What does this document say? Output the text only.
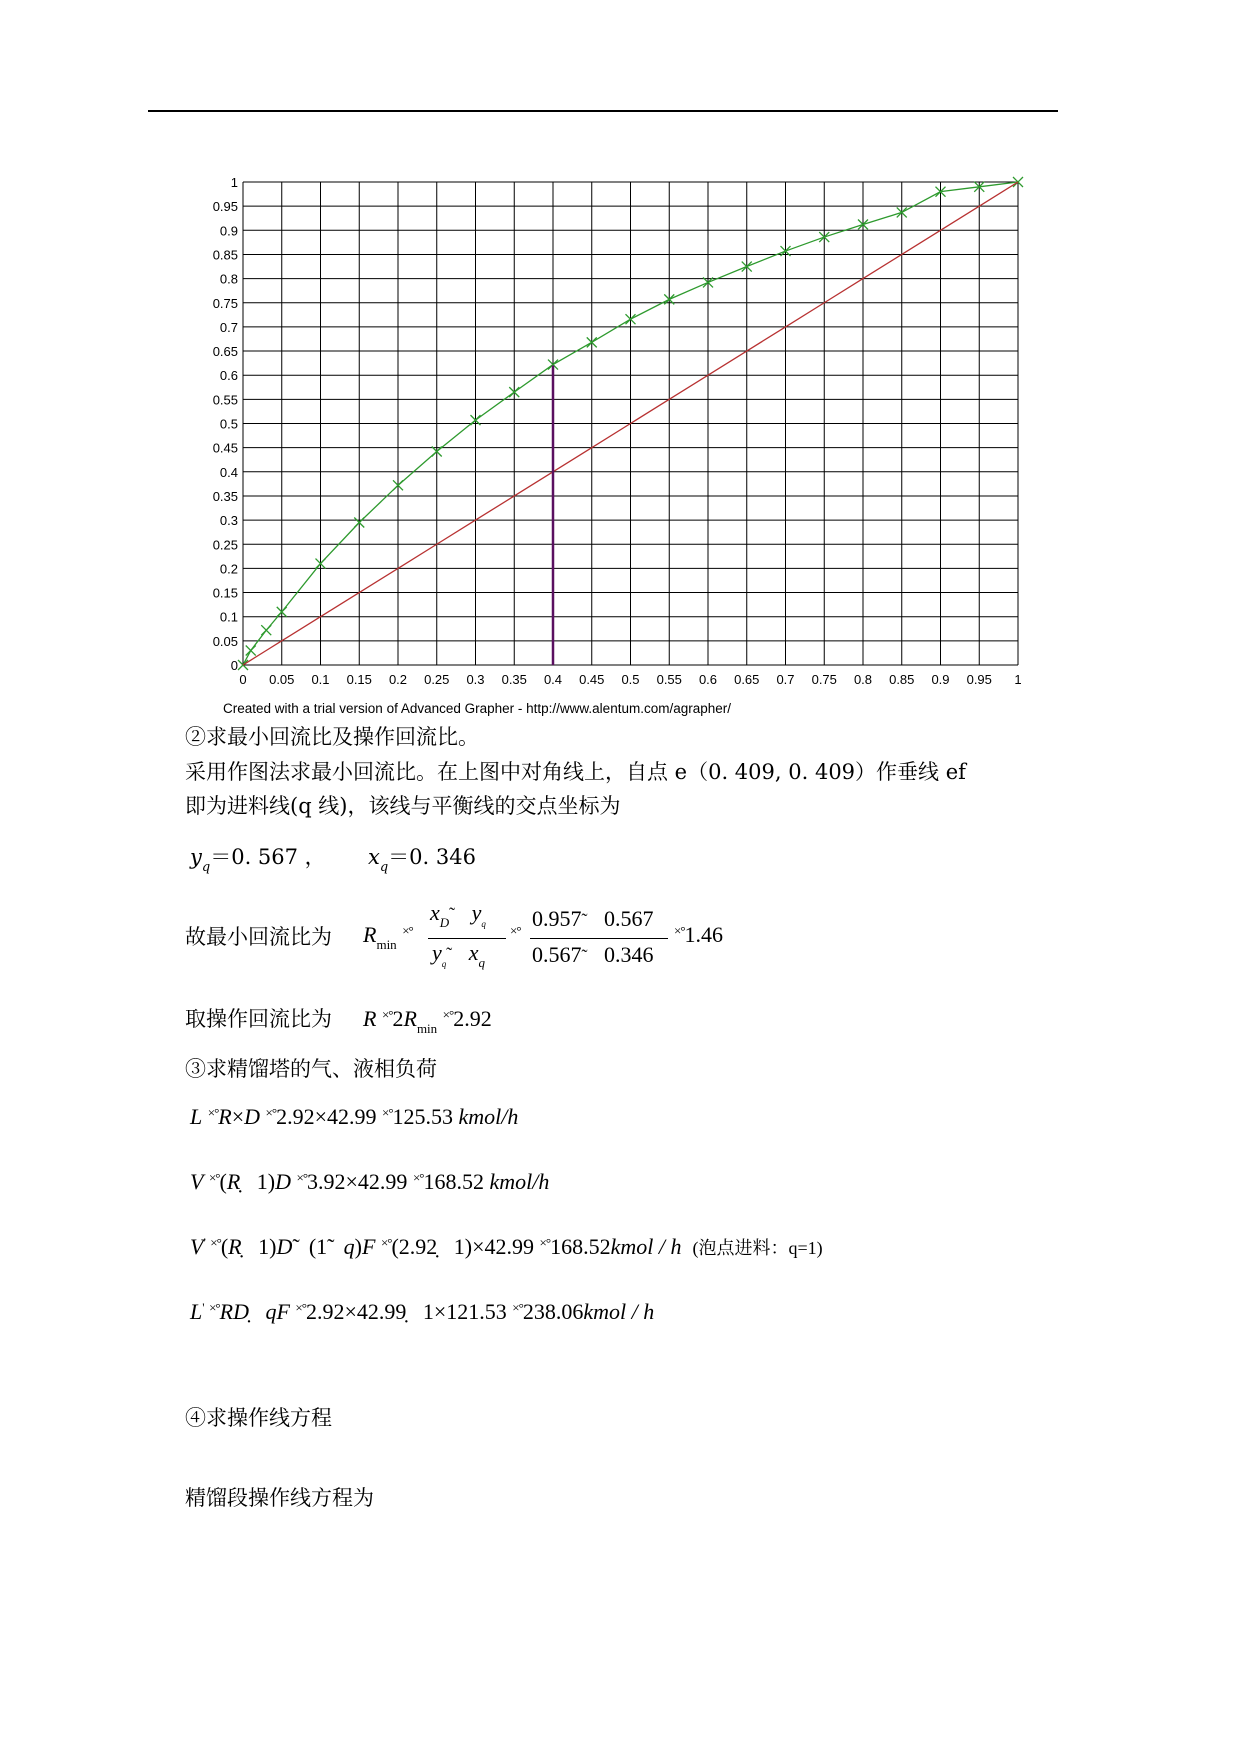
0 0.05 0.1 0.15 0.2 0.25 0.3 0.35 0.4 0.45 0.5 0.55 0.6 0.65 0.7 0.75 0.8 0.85 0.9 0.95 1
0
0.05
0.1
0.15
0.2
0.25
0.3
0.35
0.4
0.45
0.5
0.55
0.6
0.65
0.7
0.75
0.8
0.85
0.9
0.95
1
Created with a trial version of Advanced Grapher - http://www.alentum.com/agrapher/
②求最小回流比及操作回流比。
采用作图法求最小回流比。在上图中对角线上，自点 e（0. 409, 0. 409）作垂线 ef
即为进料线(q 线)，该线与平衡线的交点坐标为
$y_q=0$. 567 ， $x_q=0$. 346
故最小回流比为 $R_{min}$ ×°
$x_D˜$ $y_q$
$y_q˜$ $x_q$
×° 0.957˜ 0.567
0.567˜ 0.346
×°1.46
取操作回流比为 R $^{\times^\circ}2R_{min}$ ×°2.92
③求精馏塔的气、液相负荷
L ×°R×D ×°2.92×42.99 ×°125.53 kmol/h
V ×°(Ṛ   1)D ×°3.92×42.99 ×°168.52 kmol/h
V' ×°(Ṛ   1)D̃   (1̃   q)F ×°(2.92̣   1)×42.99 ×°168.52kmol / h (泡点进料：q=1)
L' ×°RḌ   qF ×°2.92×42.99̣   1×121.53 ×°238.06kmol / h
④求操作线方程
精馏段操作线方程为
